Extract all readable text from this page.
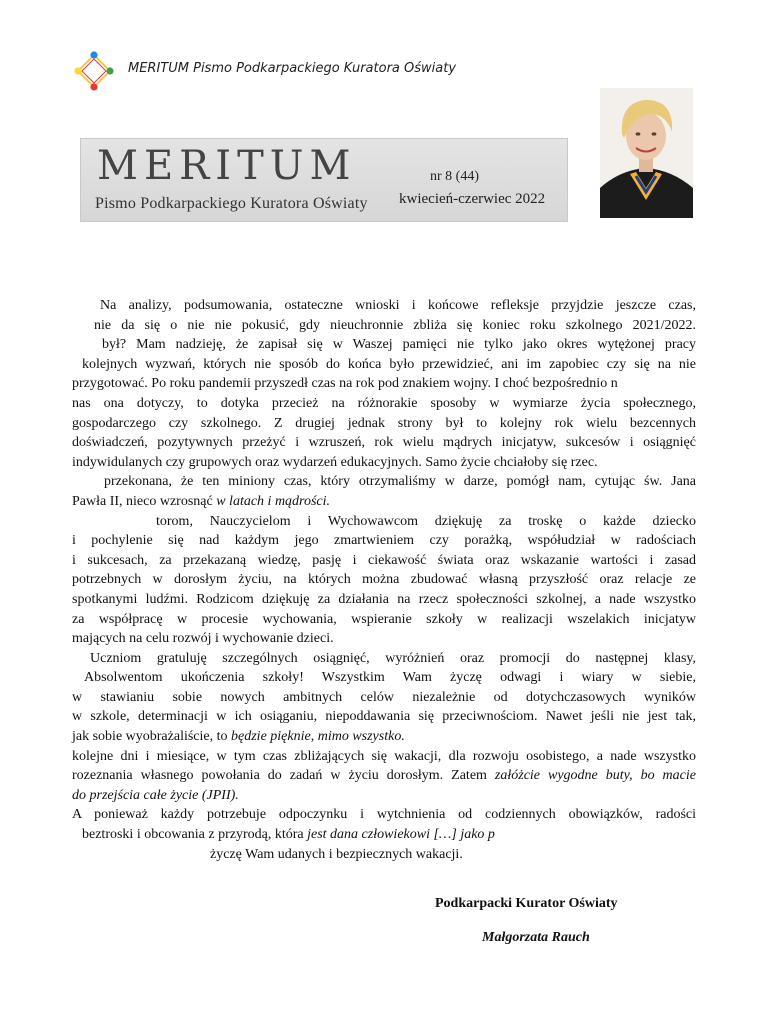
MERITUM Pismo Podkarpackiego Kuratora Oświaty
MERITUM
Pismo Podkarpackiego Kuratora Oświaty
nr 8 (44)
kwiecień-czerwiec 2022

Na analizy, podsumowania, ostateczne wnioski i końcowe refleksje przyjdzie jeszcze czas,
nie da się o nie nie pokusić, gdy nieuchronnie zbliża się koniec roku szkolnego 2021/2022.
był? Mam nadzieję, że zapisał się w Waszej pamięci nie tylko jako okres wytężonej pracy
kolejnych wyzwań, których nie sposób do końca było przewidzieć, ani im zapobiec czy się na nie
przygotować. Po roku pandemii przyszedł czas na rok pod znakiem wojny. I choć bezpośrednio n
nas ona dotyczy, to dotyka przecież na różnorakie sposoby w wymiarze życia społecznego,
gospodarczego czy szkolnego. Z drugiej jednak strony był to kolejny rok wielu bezcennych
doświadczeń, pozytywnych przeżyć i wzruszeń, rok wielu mądrych inicjatyw, sukcesów i osiągnięć
indywidulanych czy grupowych oraz wydarzeń edukacyjnych. Samo życie chciałoby się rzec.
przekonana, że ten miniony czas, który otrzymaliśmy w darze, pomógł nam, cytując św. Jana
Pawła II, nieco wzrosnąć w latach i mądrości.

torom, Nauczycielom i Wychowawcom dziękuję za troskę o każde dziecko
i pochylenie się nad każdym jego zmartwieniem czy porażką, współudział w radościach
i sukcesach, za przekazaną wiedzę, pasję i ciekawość świata oraz wskazanie wartości i zasad
potrzebnych w dorosłym życiu, na których można zbudować własną przyszłość oraz relacje ze
spotkanymi ludźmi. Rodzicom dziękuję za działania na rzecz społeczności szkolnej, a nade wszystko
za współpracę w procesie wychowania, wspieranie szkoły w realizacji wszelakich inicjatyw
mających na celu rozwój i wychowanie dzieci.

Uczniom gratuluję szczególnych osiągnięć, wyróżnień oraz promocji do następnej klasy,
Absolwentom ukończenia szkoły! Wszystkim Wam życzę odwagi i wiary w siebie,
w stawianiu sobie nowych ambitnych celów niezależnie od dotychczasowych wyników
w szkole, determinacji w ich osiąganiu, niepoddawania się przeciwnościom. Nawet jeśli nie jest tak,
jak sobie wyobrażaliście, to będzie pięknie, mimo wszystko.
kolejne dni i miesiące, w tym czas zbliżających się wakacji, dla rozwoju osobistego, a nade wszystko
rozeznania własnego powołania do zadań w życiu dorosłym. Zatem załóżcie wygodne buty, bo macie
do przejścia całe życie (JPII).

A ponieważ każdy potrzebuje odpoczynku i wytchnienia od codziennych obowiązków, radości
beztroski i obcowania z przyrodą, która jest dana człowiekowi […] jako p
życzę Wam udanych i bezpiecznych wakacji.

Podkarpacki Kurator Oświaty
Małgorzata Rauch
